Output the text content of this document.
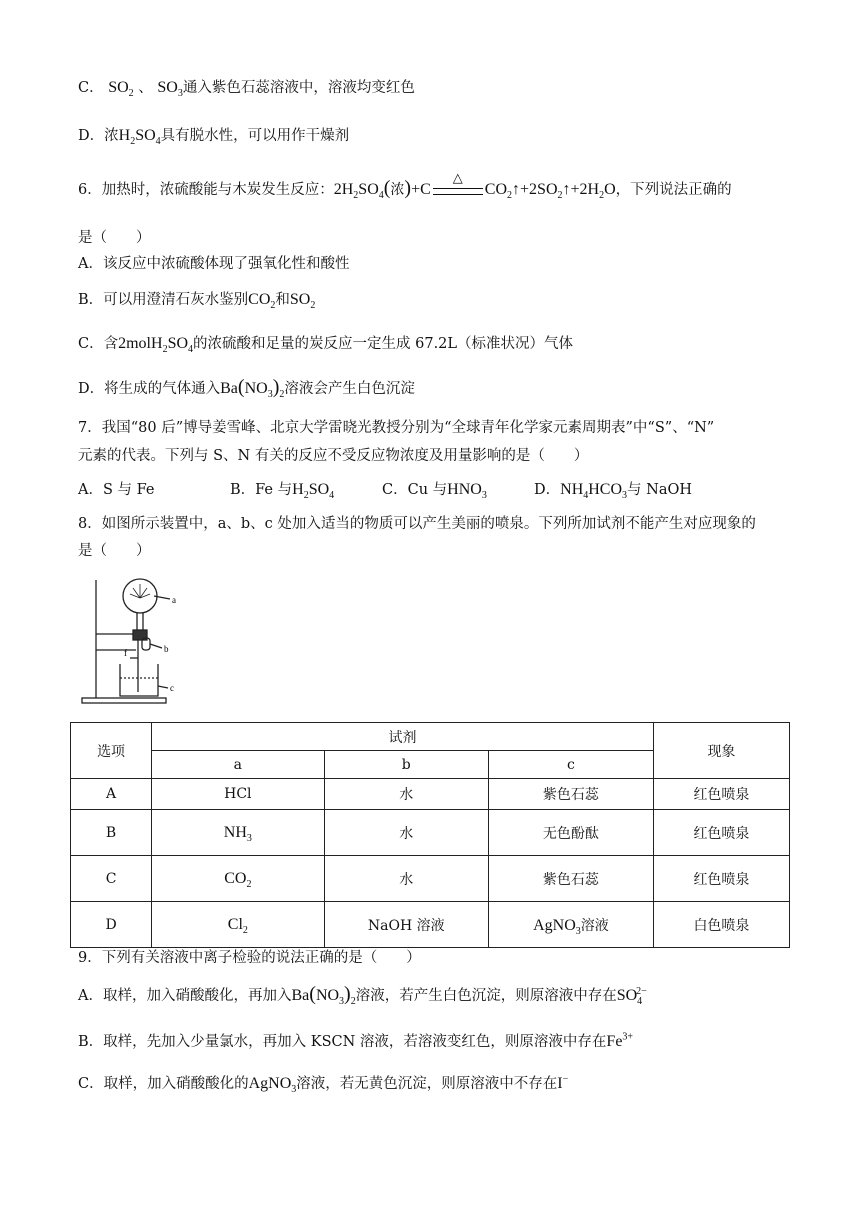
C． $SO_2$ 、 $SO_3$通入紫色石蕊溶液中，溶液均变红色
D．浓$H_2SO_4$具有脱水性，可以用作干燥剂
6．加热时，浓硫酸能与木炭发生反应：$2H_2SO_4$(浓)+C
△
$CO_2↑+2SO_2↑+2H_2O$，下列说法正确的
是（　　）
A．该反应中浓硫酸体现了强氧化性和酸性
B．可以用澄清石灰水鉴别$CO_2$和$SO_2$
C．含$2molH_2SO_4$的浓硫酸和足量的炭反应一定生成 67.2L（标准状况）气体
D．将生成的气体通入$Ba(NO_3)_2$溶液会产生白色沉淀
7．我国“80 后”博导姜雪峰、北京大学雷晓光教授分别为“全球青年化学家元素周期表”中“S”、“N”
元素的代表。下列与 S、N 有关的反应不受反应物浓度及用量影响的是（　　）
A．S 与 Fe	B．Fe 与$H_2SO_4$	C．Cu 与$HNO_3$	D．$NH_4HCO_3$与 NaOH
8．如图所示装置中，a、b、c 处加入适当的物质可以产生美丽的喷泉。下列所加试剂不能产生对应现象的
是（　　）
a
b
c
f
选项	试剂			现象
	a	b	c	
A	HCl	水	紫色石蕊	红色喷泉
B	$NH_3$	水	无色酚酞	红色喷泉
C	$CO_2$	水	紫色石蕊	红色喷泉
D	$Cl_2$	NaOH 溶液	AgNO$_3$溶液	白色喷泉
9．下列有关溶液中离子检验的说法正确的是（　　）
A．取样，加入硝酸酸化，再加入$Ba(NO_3)_2$溶液，若产生白色沉淀，则原溶液中存在$SO_4^{2-}$
B．取样，先加入少量氯水，再加入 KSCN 溶液，若溶液变红色，则原溶液中存在$Fe^{3+}$
C．取样，加入硝酸酸化的AgNO$_3$溶液，若无黄色沉淀，则原溶液中不存在I−
